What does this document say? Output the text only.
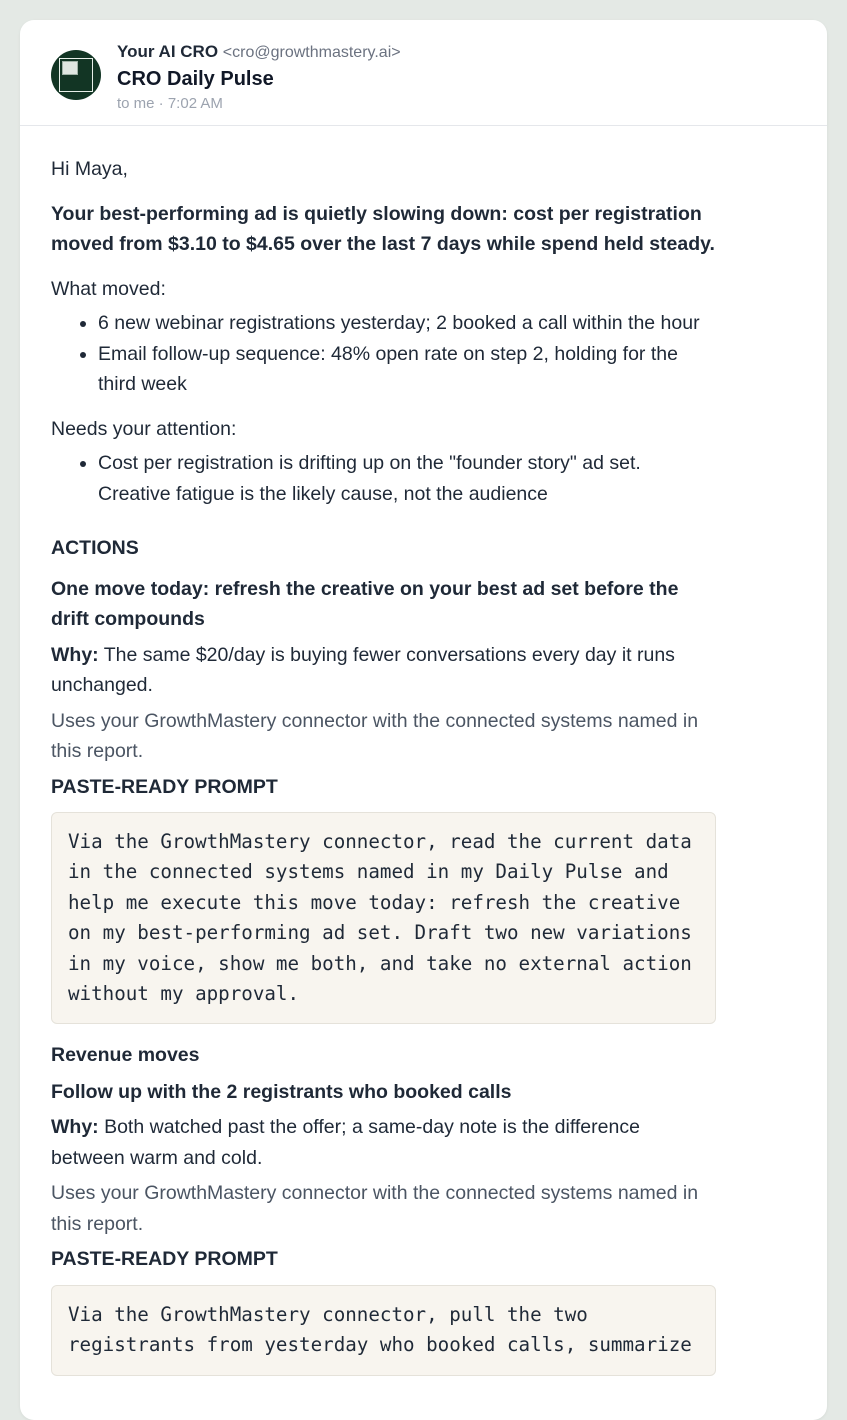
Your AI CRO <cro@growthmastery.ai>
CRO Daily Pulse
to me · 7:02 AM
Hi Maya,
Your best-performing ad is quietly slowing down: cost per registration moved from $3.10 to $4.65 over the last 7 days while spend held steady.
What moved:
• 6 new webinar registrations yesterday; 2 booked a call within the hour
• Email follow-up sequence: 48% open rate on step 2, holding for the third week
Needs your attention:
• Cost per registration is drifting up on the "founder story" ad set. Creative fatigue is the likely cause, not the audience
ACTIONS
One move today: refresh the creative on your best ad set before the drift compounds
Why: The same $20/day is buying fewer conversations every day it runs unchanged.
Uses your GrowthMastery connector with the connected systems named in this report.
PASTE-READY PROMPT
Via the GrowthMastery connector, read the current data in the connected systems named in my Daily Pulse and help me execute this move today: refresh the creative on my best-performing ad set. Draft two new variations in my voice, show me both, and take no external action without my approval.
Revenue moves
Follow up with the 2 registrants who booked calls
Why: Both watched past the offer; a same-day note is the difference between warm and cold.
Uses your GrowthMastery connector with the connected systems named in this report.
PASTE-READY PROMPT
Via the GrowthMastery connector, pull the two registrants from yesterday who booked calls, summarize
